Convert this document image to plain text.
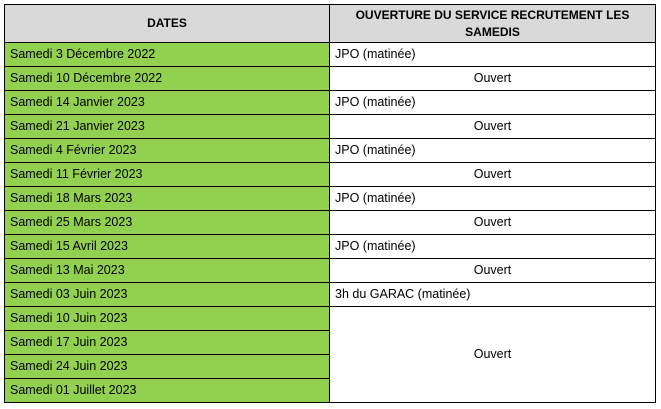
DATES	OUVERTURE DU SERVICE RECRUTEMENT LES SAMEDIS
Samedi 3 Décembre 2022	JPO (matinée)
Samedi 10 Décembre 2022	Ouvert
Samedi 14 Janvier 2023	JPO (matinée)
Samedi 21 Janvier 2023	Ouvert
Samedi 4 Février 2023	JPO (matinée)
Samedi 11 Février 2023	Ouvert
Samedi 18 Mars 2023	JPO (matinée)
Samedi 25 Mars 2023	Ouvert
Samedi 15 Avril 2023	JPO (matinée)
Samedi 13 Mai 2023	Ouvert
Samedi 03 Juin 2023	3h du GARAC (matinée)
Samedi 10 Juin 2023	Ouvert
Samedi 17 Juin 2023	
Samedi 24 Juin 2023	
Samedi 01 Juillet 2023	
